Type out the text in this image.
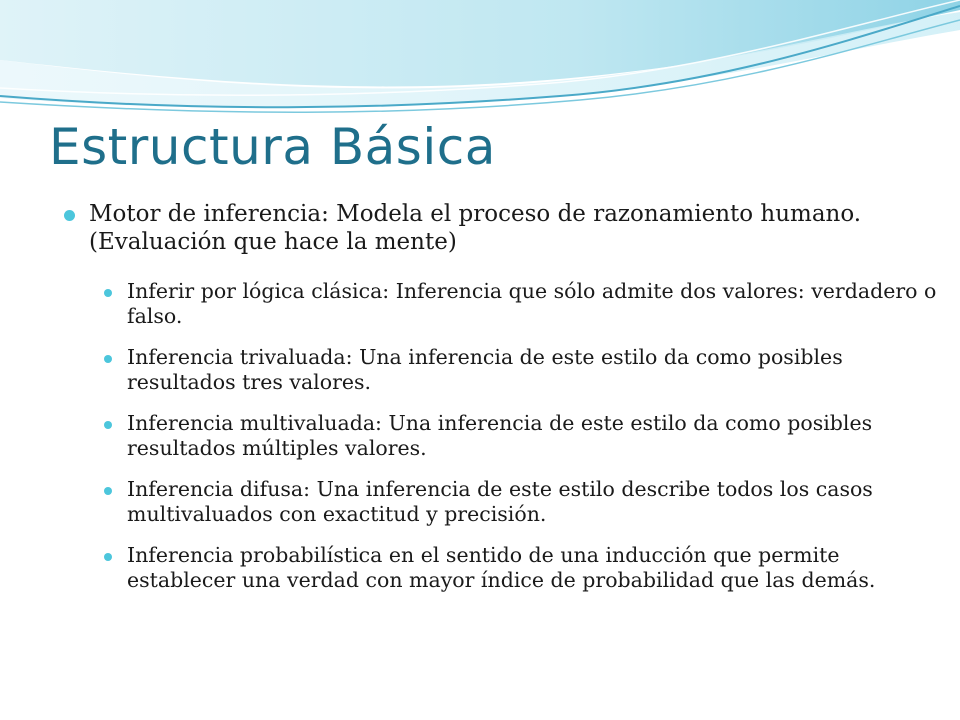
Estructura Básica
Motor de inferencia: Modela el proceso de razonamiento humano. (Evaluación que hace la mente)
Inferir por lógica clásica: Inferencia que sólo admite dos valores: verdadero o falso.
Inferencia trivaluada: Una inferencia de este estilo da como posibles resultados tres valores.
Inferencia multivaluada: Una inferencia de este estilo da como posibles resultados múltiples valores.
Inferencia difusa: Una inferencia de este estilo describe todos los casos multivaluados con exactitud y precisión.
Inferencia probabilística en el sentido de una inducción que permite establecer una verdad con mayor índice de probabilidad que las demás.
